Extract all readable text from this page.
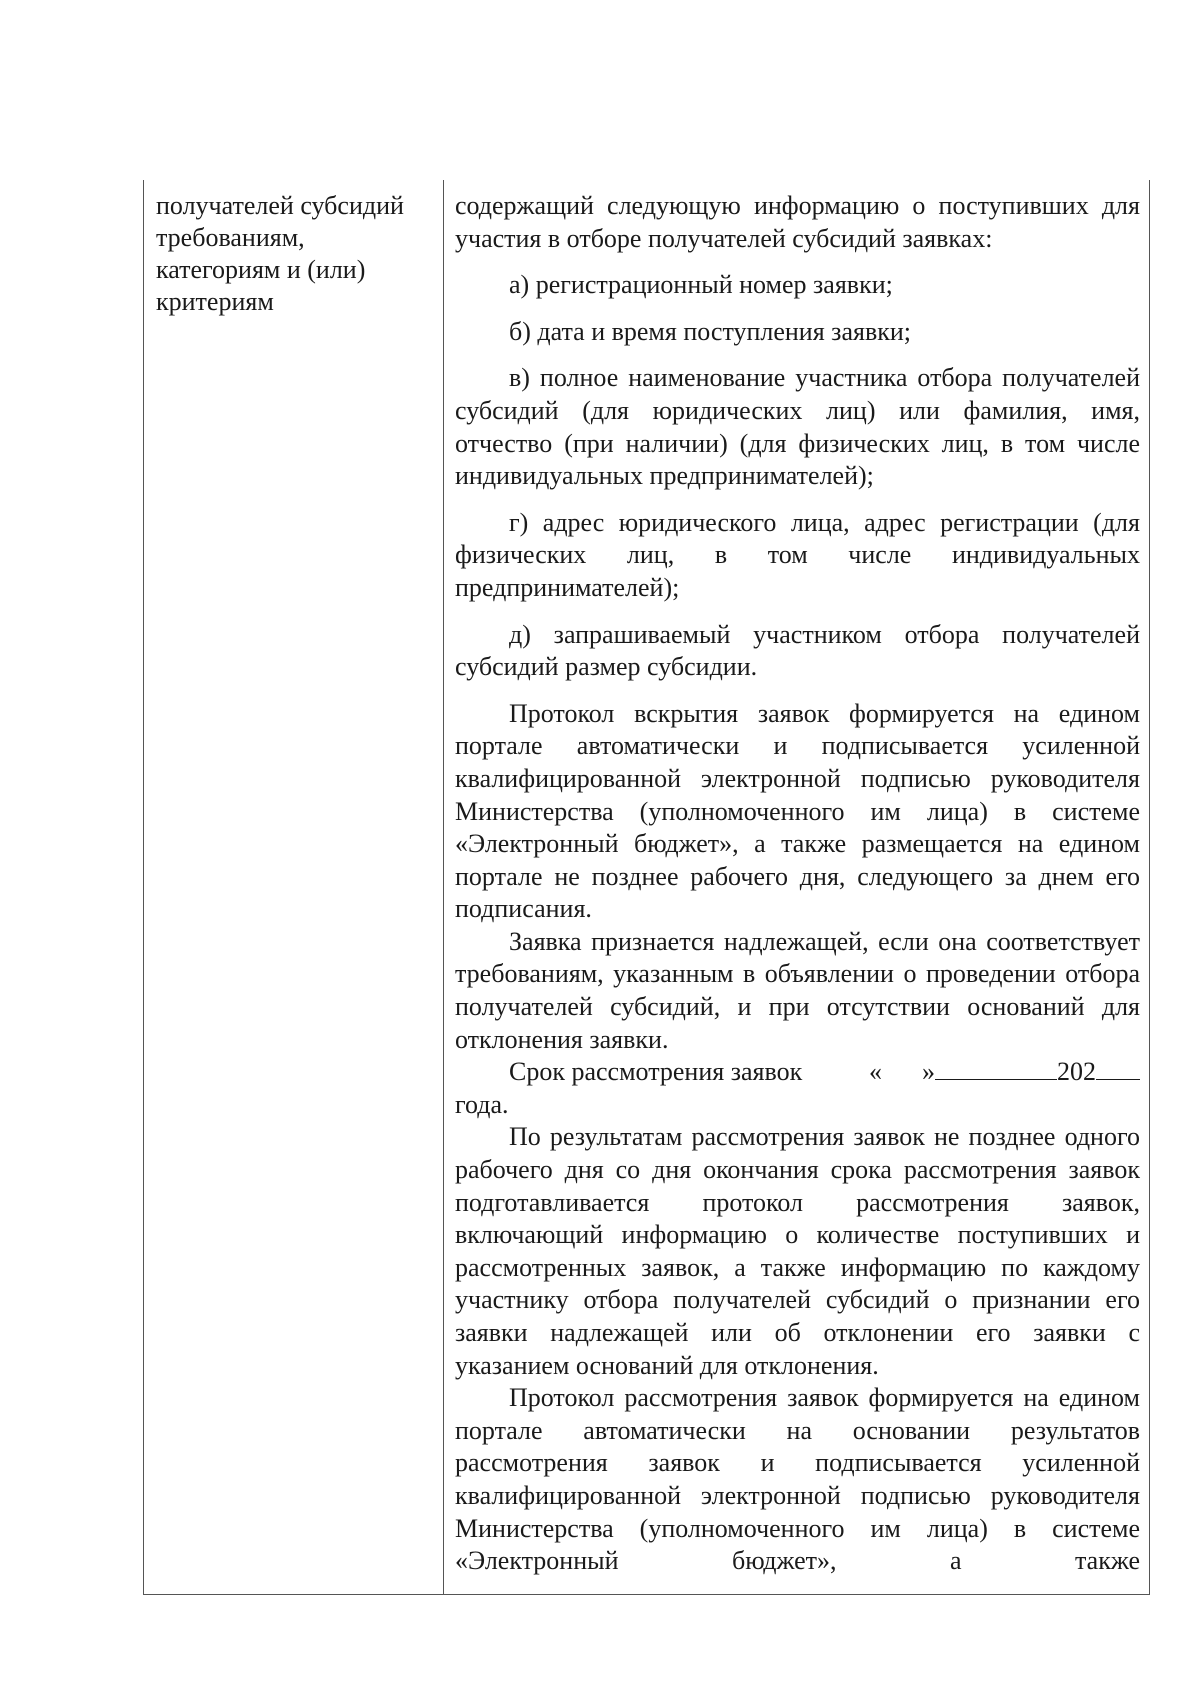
получателей субсидий
требованиям,
категориям и (или)
критериям

содержащий следующую информацию о поступивших для участия в отборе получателей субсидий заявках:

а) регистрационный номер заявки;

б) дата и время поступления заявки;

в) полное наименование участника отбора получателей субсидий (для юридических лиц) или фамилия, имя, отчество (при наличии) (для физических лиц, в том числе индивидуальных предпринимателей);

г) адрес юридического лица, адрес регистрации (для физических лиц, в том числе индивидуальных предпринимателей);

д) запрашиваемый участником отбора получателей субсидий размер субсидии.

Протокол вскрытия заявок формируется на едином портале автоматически и подписывается усиленной квалифицированной электронной подписью руководителя Министерства (уполномоченного им лица) в системе «Электронный бюджет», а также размещается на едином портале не позднее рабочего дня, следующего за днем его подписания.

Заявка признается надлежащей, если она соответствует требованиям, указанным в объявлении о проведении отбора получателей субсидий, и при отсутствии оснований для отклонения заявки.

Срок рассмотрения заявок	« »	202

года.

По результатам рассмотрения заявок не позднее одного рабочего дня со дня окончания срока рассмотрения заявок подготавливается протокол рассмотрения заявок, включающий информацию о количестве поступивших и рассмотренных заявок, а также информацию по каждому участнику отбора получателей субсидий о признании его заявки надлежащей или об отклонении его заявки с указанием оснований для отклонения.

Протокол рассмотрения заявок формируется на едином портале автоматически на основании результатов рассмотрения заявок и подписывается усиленной квалифицированной электронной подписью руководителя Министерства (уполномоченного им лица) в системе «Электронный бюджет», а также
